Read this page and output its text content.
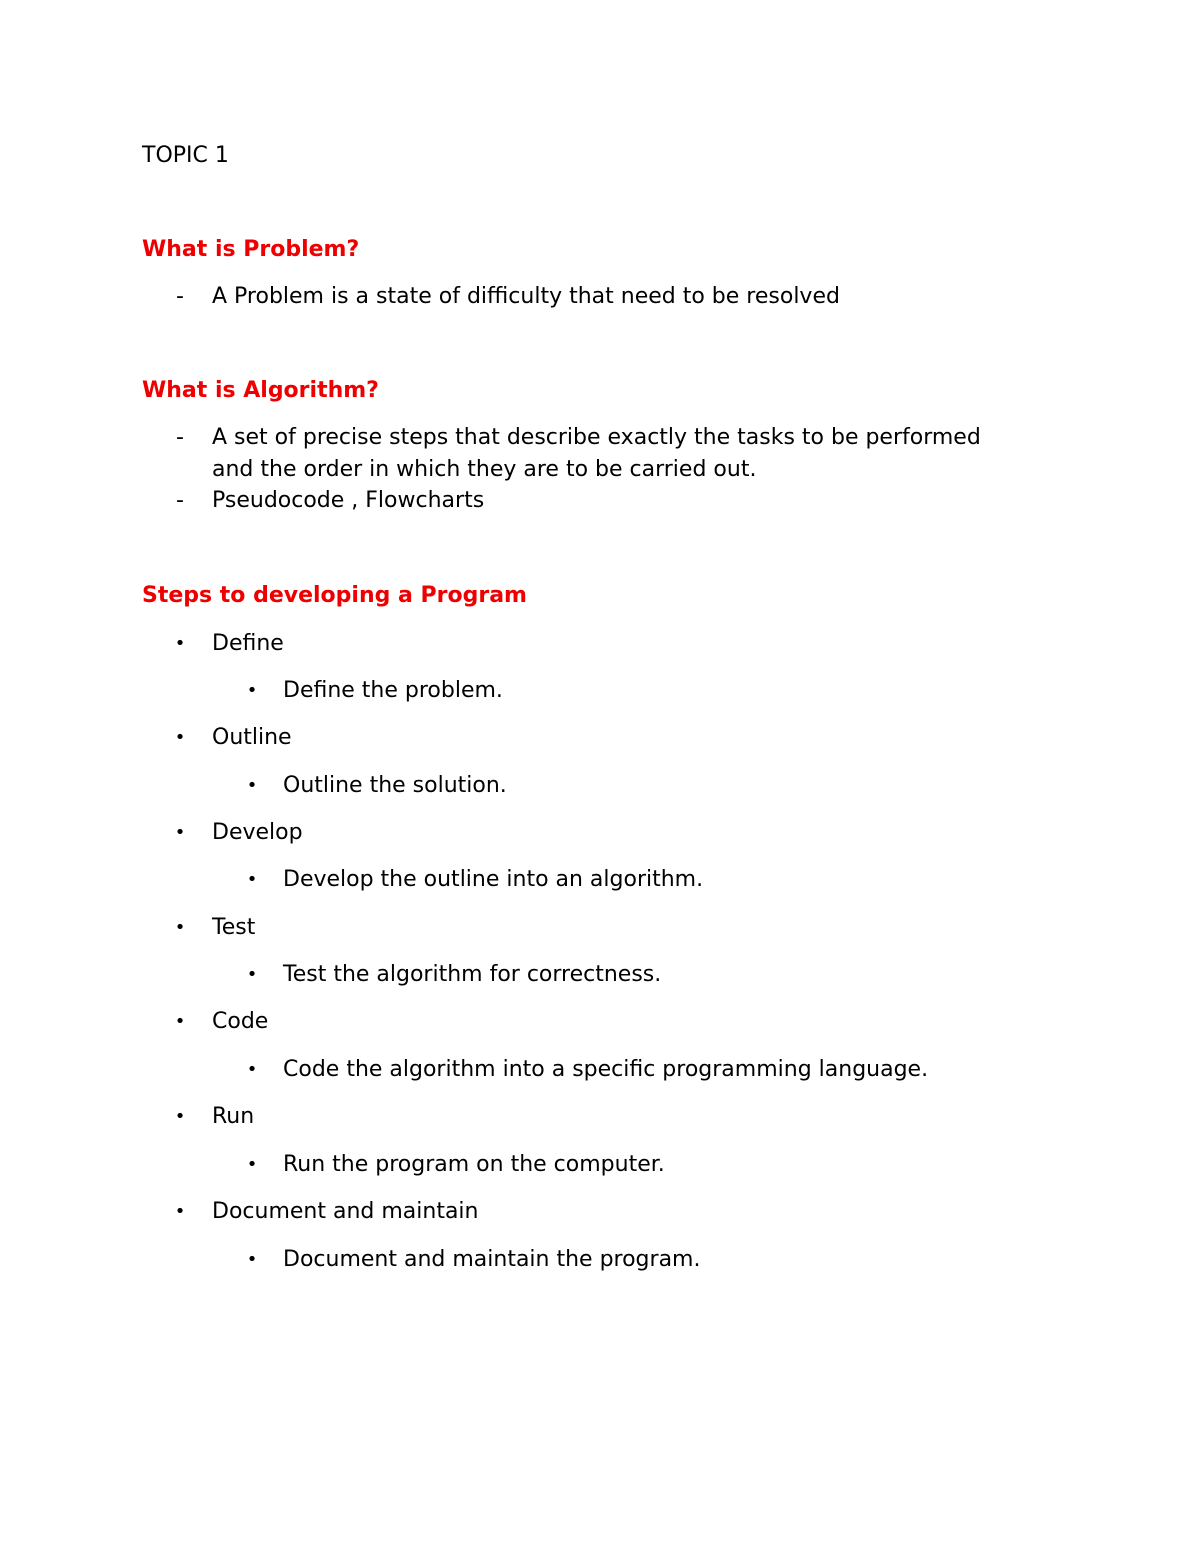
TOPIC 1
What is Problem?
- A Problem is a state of difficulty that need to be resolved
What is Algorithm?
- A set of precise steps that describe exactly the tasks to be performed
and the order in which they are to be carried out.
- Pseudocode , Flowcharts
Steps to developing a Program
• Define
• Define the problem.
• Outline
• Outline the solution.
• Develop
• Develop the outline into an algorithm.
• Test
• Test the algorithm for correctness.
• Code
• Code the algorithm into a specific programming language.
• Run
• Run the program on the computer.
• Document and maintain
• Document and maintain the program.
